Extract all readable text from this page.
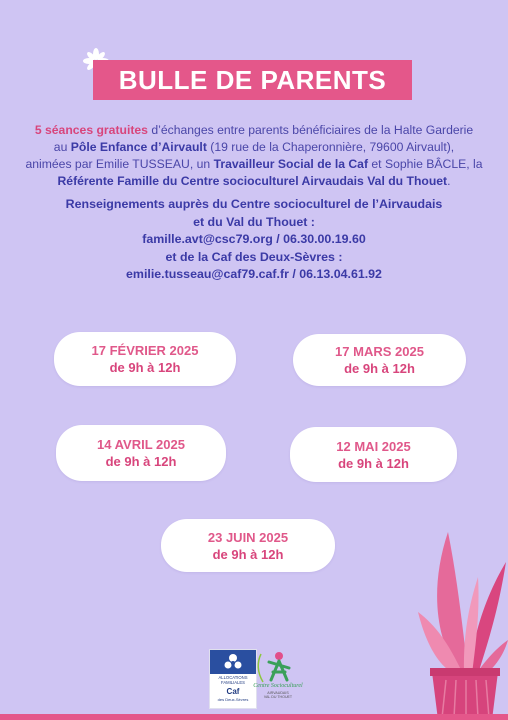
BULLE DE PARENTS
5 séances gratuites d’échanges entre parents bénéficiaires de la Halte Garderie
au Pôle Enfance d’Airvault (19 rue de la Chaperonnière, 79600 Airvault),
animées par Emilie TUSSEAU, un Travailleur Social de la Caf et Sophie BÂCLE, la
Référente Famille du Centre socioculturel Airvaudais Val du Thouet.
Renseignements auprès du Centre socioculturel de l’Airvaudais
et du Val du Thouet :
famille.avt@csc79.org / 06.30.00.19.60
et de la Caf des Deux-Sèvres :
emilie.tusseau@caf79.caf.fr / 06.13.04.61.92
17 FÉVRIER 2025
de 9h à 12h
17 MARS 2025
de 9h à 12h
14 AVRIL 2025
de 9h à 12h
12 MAI 2025
de 9h à 12h
23 JUIN 2025
de 9h à 12h
ALLOCATIONS
FAMILIALES
Caf
des Deux-Sèvres
Centre Socioculturel
AIRVAUDAIS
VAL DU THOUET
